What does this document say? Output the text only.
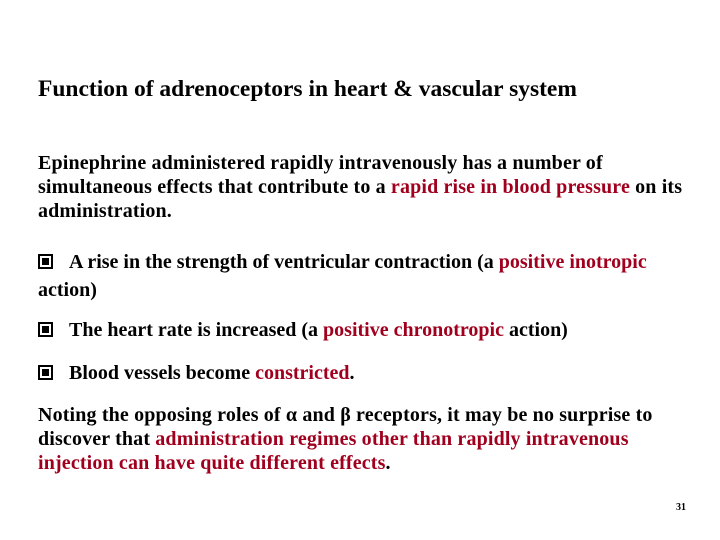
Function of adrenoceptors in heart & vascular system
Epinephrine administered rapidly intravenously has a number of simultaneous effects that contribute to a rapid rise in blood pressure on its administration.
A rise in the strength of ventricular contraction (a positive inotropic action)
The heart rate is increased (a positive chronotropic action)
Blood vessels become constricted.
Noting the opposing roles of α and β receptors, it may be no surprise to discover that administration regimes other than rapidly intravenous injection can have quite different effects.
31
